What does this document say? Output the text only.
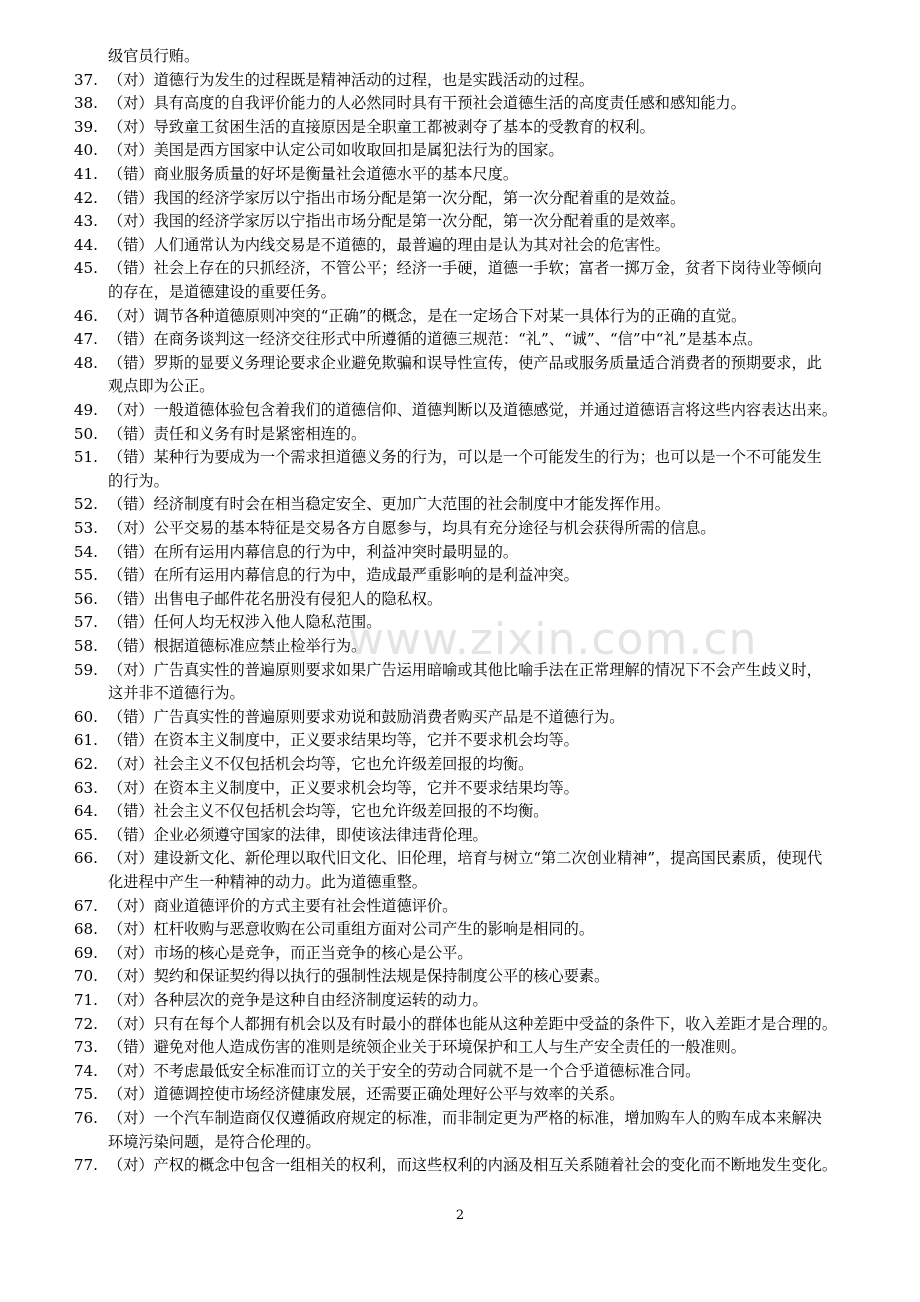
www.zixin.com.cn
级官员行贿。
37. （对）道德行为发生的过程既是精神活动的过程，也是实践活动的过程。
38. （对）具有高度的自我评价能力的人必然同时具有干预社会道德生活的高度责任感和感知能力。
39. （对）导致童工贫困生活的直接原因是全职童工都被剥夺了基本的受教育的权利。
40. （对）美国是西方国家中认定公司如收取回扣是属犯法行为的国家。
41. （错）商业服务质量的好坏是衡量社会道德水平的基本尺度。
42. （错）我国的经济学家厉以宁指出市场分配是第一次分配，第一次分配着重的是效益。
43. （对）我国的经济学家厉以宁指出市场分配是第一次分配，第一次分配着重的是效率。
44. （错）人们通常认为内线交易是不道德的，最普遍的理由是认为其对社会的危害性。
45. （错）社会上存在的只抓经济，不管公平；经济一手硬，道德一手软；富者一掷万金，贫者下岗待业等倾向
的存在，是道德建设的重要任务。
46. （对）调节各种道德原则冲突的“正确”的概念，是在一定场合下对某一具体行为的正确的直觉。
47. （错）在商务谈判这一经济交往形式中所遵循的道德三规范：“礼”、“诚”、“信”中“礼”是基本点。
48. （错）罗斯的显要义务理论要求企业避免欺骗和误导性宣传，使产品或服务质量适合消费者的预期要求，此
观点即为公正。
49. （对）一般道德体验包含着我们的道德信仰、道德判断以及道德感觉，并通过道德语言将这些内容表达出来。
50. （错）责任和义务有时是紧密相连的。
51. （错）某种行为要成为一个需求担道德义务的行为，可以是一个可能发生的行为；也可以是一个不可能发生
的行为。
52. （错）经济制度有时会在相当稳定安全、更加广大范围的社会制度中才能发挥作用。
53. （对）公平交易的基本特征是交易各方自愿参与，均具有充分途径与机会获得所需的信息。
54. （错）在所有运用内幕信息的行为中，利益冲突时最明显的。
55. （错）在所有运用内幕信息的行为中，造成最严重影响的是利益冲突。
56. （错）出售电子邮件花名册没有侵犯人的隐私权。
57. （错）任何人均无权涉入他人隐私范围。
58. （错）根据道德标准应禁止检举行为。
59. （对）广告真实性的普遍原则要求如果广告运用暗喻或其他比喻手法在正常理解的情况下不会产生歧义时，
这并非不道德行为。
60. （错）广告真实性的普遍原则要求劝说和鼓励消费者购买产品是不道德行为。
61. （错）在资本主义制度中，正义要求结果均等，它并不要求机会均等。
62. （对）社会主义不仅包括机会均等，它也允许级差回报的均衡。
63. （对）在资本主义制度中，正义要求机会均等，它并不要求结果均等。
64. （错）社会主义不仅包括机会均等，它也允许级差回报的不均衡。
65. （错）企业必须遵守国家的法律，即使该法律违背伦理。
66. （对）建设新文化、新伦理以取代旧文化、旧伦理，培育与树立“第二次创业精神”，提高国民素质，使现代
化进程中产生一种精神的动力。此为道德重整。
67. （对）商业道德评价的方式主要有社会性道德评价。
68. （对）杠杆收购与恶意收购在公司重组方面对公司产生的影响是相同的。
69. （对）市场的核心是竞争，而正当竞争的核心是公平。
70. （对）契约和保证契约得以执行的强制性法规是保持制度公平的核心要素。
71. （对）各种层次的竞争是这种自由经济制度运转的动力。
72. （对）只有在每个人都拥有机会以及有时最小的群体也能从这种差距中受益的条件下，收入差距才是合理的。
73. （错）避免对他人造成伤害的准则是统领企业关于环境保护和工人与生产安全责任的一般准则。
74. （对）不考虑最低安全标准而订立的关于安全的劳动合同就不是一个合乎道德标准合同。
75. （对）道德调控使市场经济健康发展，还需要正确处理好公平与效率的关系。
76. （对）一个汽车制造商仅仅遵循政府规定的标准，而非制定更为严格的标准，增加购车人的购车成本来解决
环境污染问题，是符合伦理的。
77. （对）产权的概念中包含一组相关的权利，而这些权利的内涵及相互关系随着社会的变化而不断地发生变化。
2
